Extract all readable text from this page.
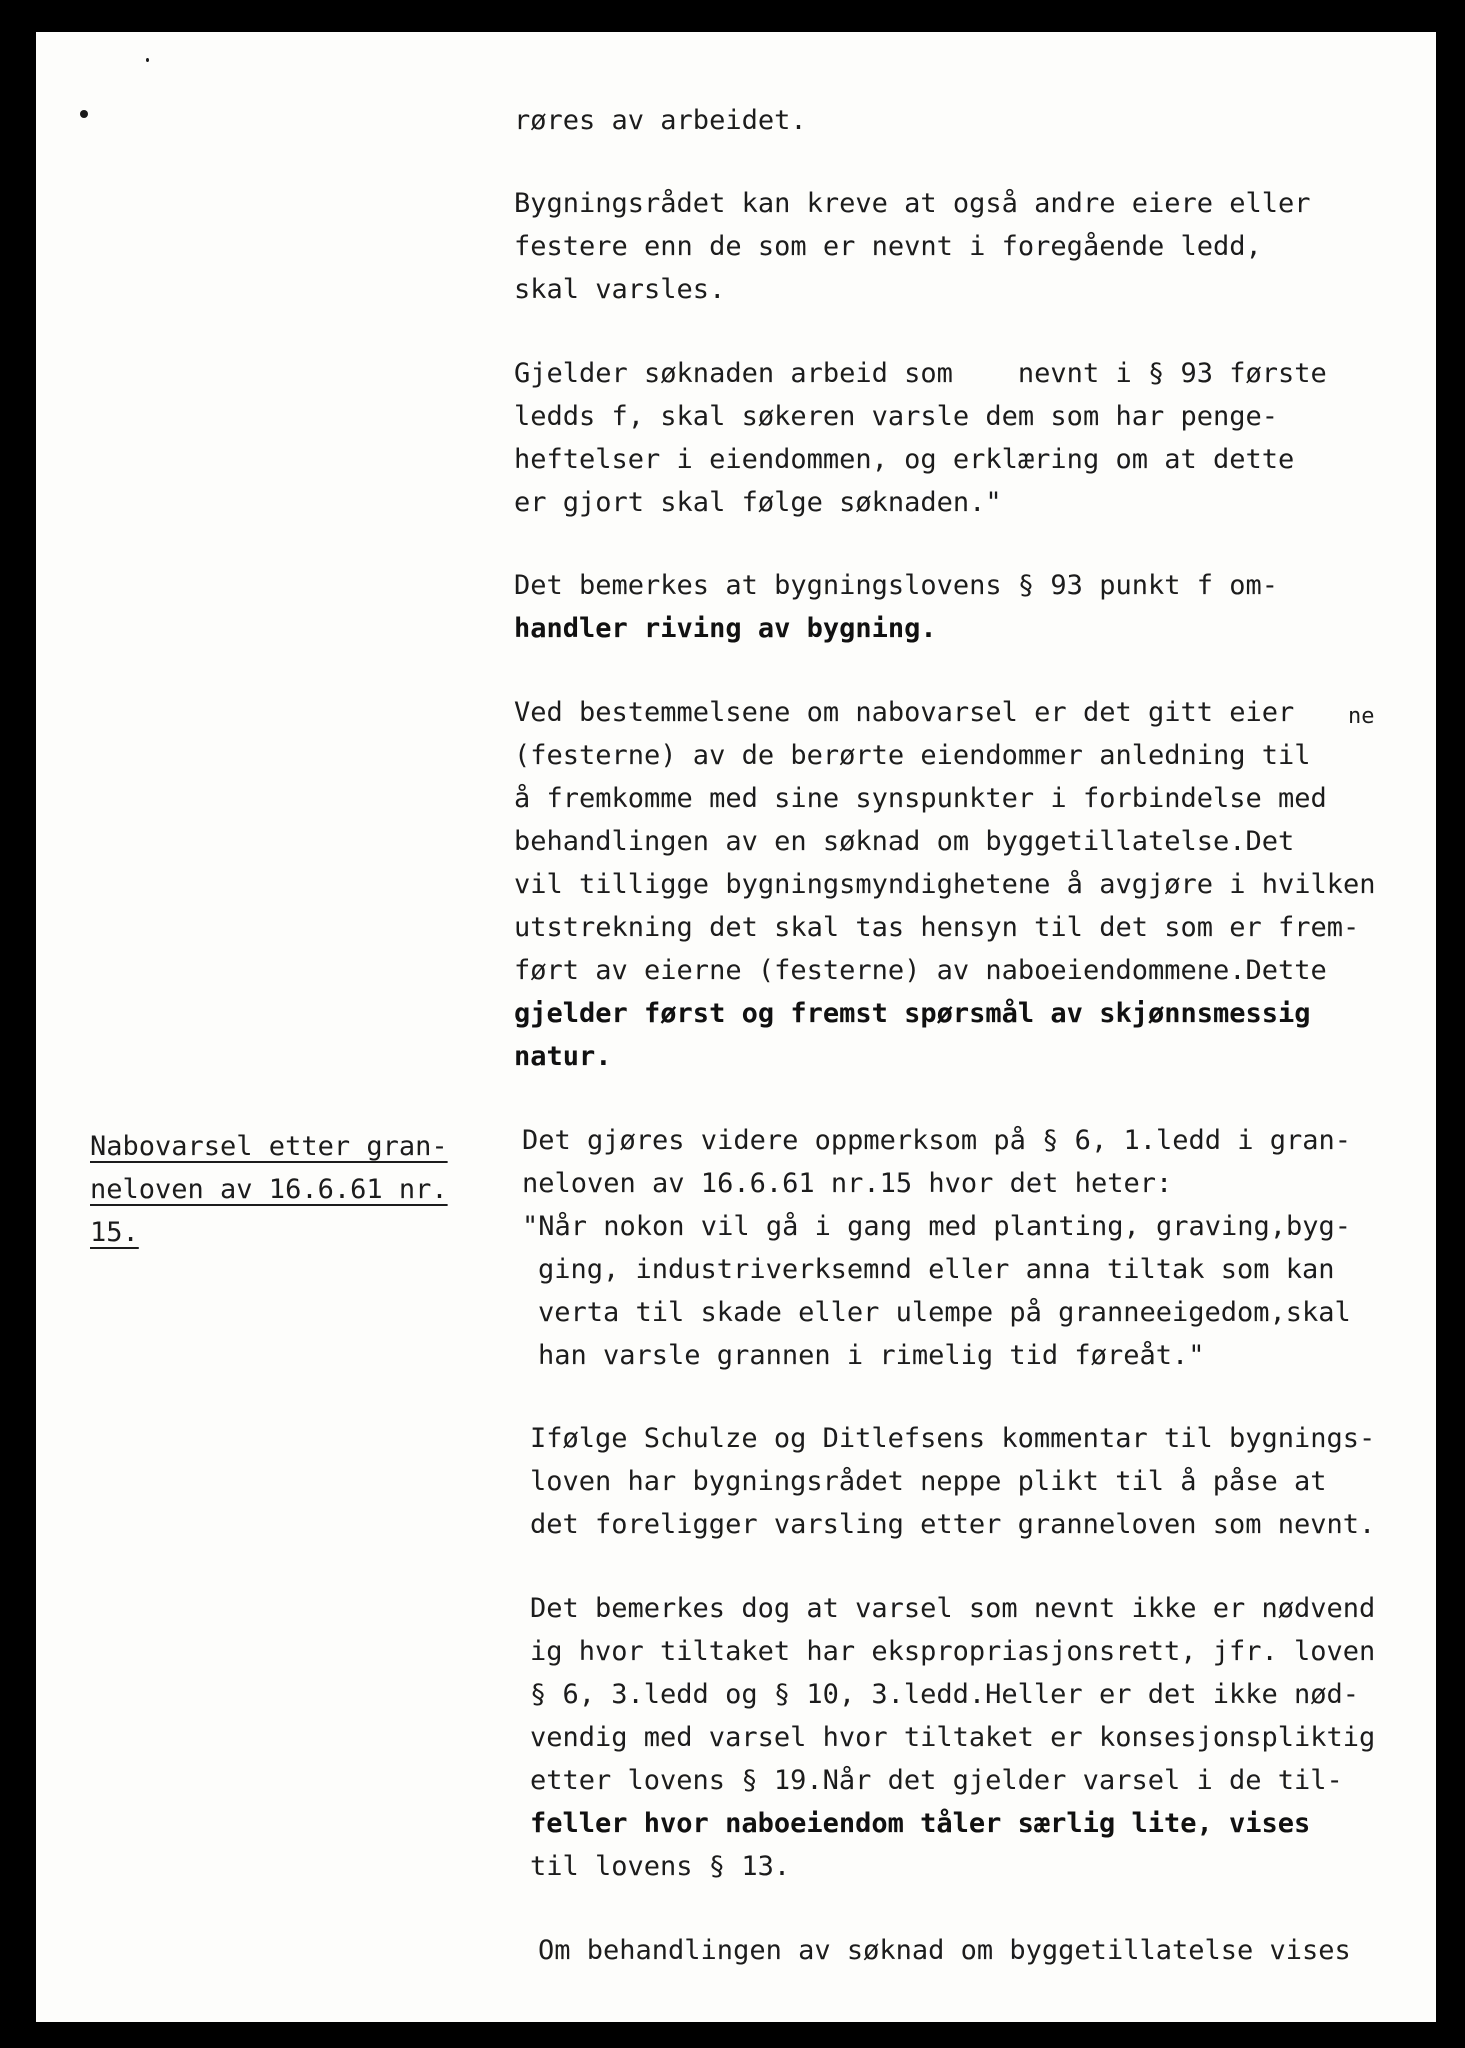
Nabovarsel etter gran-

neloven av 16.6.61 nr.

15.

røres av arbeidet.

Bygningsrådet kan kreve at også andre eiere eller

festere enn de som er nevnt i foregående ledd,

skal varsles.

Gjelder søknaden arbeid som    nevnt i § 93 første

ledds f, skal søkeren varsle dem som har penge-

heftelser i eiendommen, og erklæring om at dette

er gjort skal følge søknaden."

Det bemerkes at bygningslovens § 93 punkt f om-

handler riving av bygning.

Ved bestemmelsene om nabovarsel er det gitt eier ne

(festerne) av de berørte eiendommer anledning til

å fremkomme med sine synspunkter i forbindelse med

behandlingen av en søknad om byggetillatelse.Det

vil tilligge bygningsmyndighetene å avgjøre i hvilken

utstrekning det skal tas hensyn til det som er frem-

ført av eierne (festerne) av naboeiendommene.Dette

gjelder først og fremst spørsmål av skjønnsmessig

natur.

Det gjøres videre oppmerksom på § 6, 1.ledd i gran-

neloven av 16.6.61 nr.15 hvor det heter:

"Når nokon vil gå i gang med planting, graving,byg-

ging, industriverksemnd eller anna tiltak som kan

verta til skade eller ulempe på granneeigedom,skal

han varsle grannen i rimelig tid føreåt."

Ifølge Schulze og Ditlefsens kommentar til bygnings-

loven har bygningsrådet neppe plikt til å påse at

det foreligger varsling etter granneloven som nevnt.

Det bemerkes dog at varsel som nevnt ikke er nødvend

ig hvor tiltaket har ekspropriasjonsrett, jfr. loven

§ 6, 3.ledd og § 10, 3.ledd.Heller er det ikke nød-

vendig med varsel hvor tiltaket er konsesjonspliktig

etter lovens § 19.Når det gjelder varsel i de til-

feller hvor naboeiendom tåler særlig lite, vises

til lovens § 13.

Om behandlingen av søknad om byggetillatelse vises
